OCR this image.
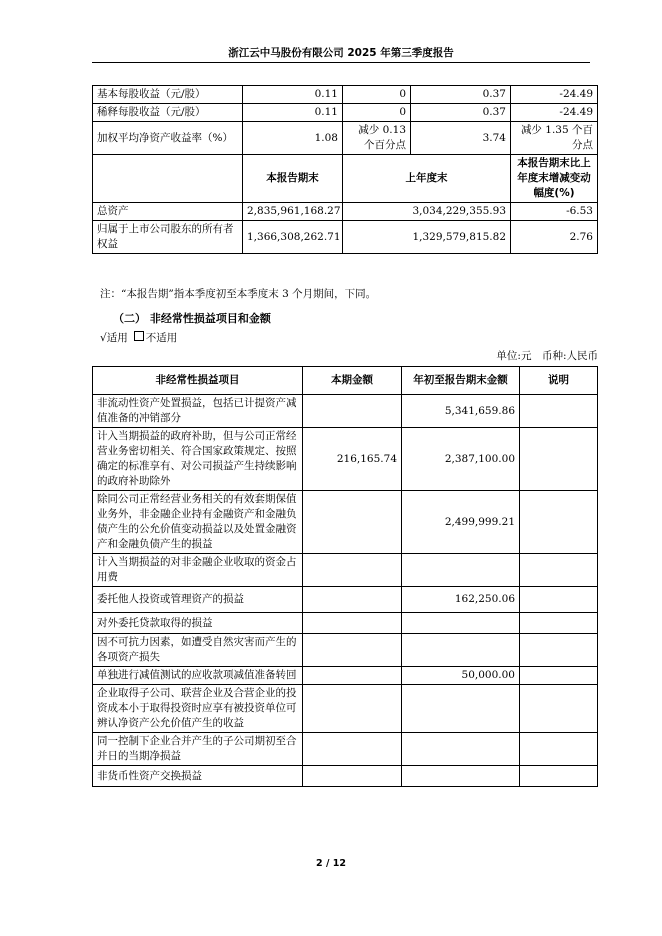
浙江云中马股份有限公司 2025 年第三季度报告
基本每股收益（元/股）	0.11	0	0.37	-24.49
稀释每股收益（元/股）	0.11	0	0.37	-24.49
加权平均净资产收益率（%）	1.08	减少 0.13 个百分点	3.74	减少 1.35 个百分点
	本报告期末	上年度末		本报告期末比上年度末增减变动幅度(%)
总资产	2,835,961,168.27	3,034,229,355.93		-6.53
归属于上市公司股东的所有者权益	1,366,308,262.71	1,329,579,815.82		2.76
注：“本报告期”指本季度初至本季度末 3 个月期间，下同。
（二） 非经常性损益项目和金额
√适用 不适用
单位:元　币种:人民币
非经常性损益项目	本期金额	年初至报告期末金额	说明
非流动性资产处置损益，包括已计提资产减值准备的冲销部分		5,341,659.86	
计入当期损益的政府补助，但与公司正常经营业务密切相关、符合国家政策规定、按照确定的标准享有、对公司损益产生持续影响的政府补助除外	216,165.74	2,387,100.00	
除同公司正常经营业务相关的有效套期保值业务外，非金融企业持有金融资产和金融负债产生的公允价值变动损益以及处置金融资产和金融负债产生的损益		2,499,999.21	
计入当期损益的对非金融企业收取的资金占用费			
委托他人投资或管理资产的损益		162,250.06	
对外委托贷款取得的损益			
因不可抗力因素，如遭受自然灾害而产生的各项资产损失			
单独进行减值测试的应收款项减值准备转回		50,000.00	
企业取得子公司、联营企业及合营企业的投资成本小于取得投资时应享有被投资单位可辨认净资产公允价值产生的收益			
同一控制下企业合并产生的子公司期初至合并日的当期净损益			
非货币性资产交换损益			
2 / 12
